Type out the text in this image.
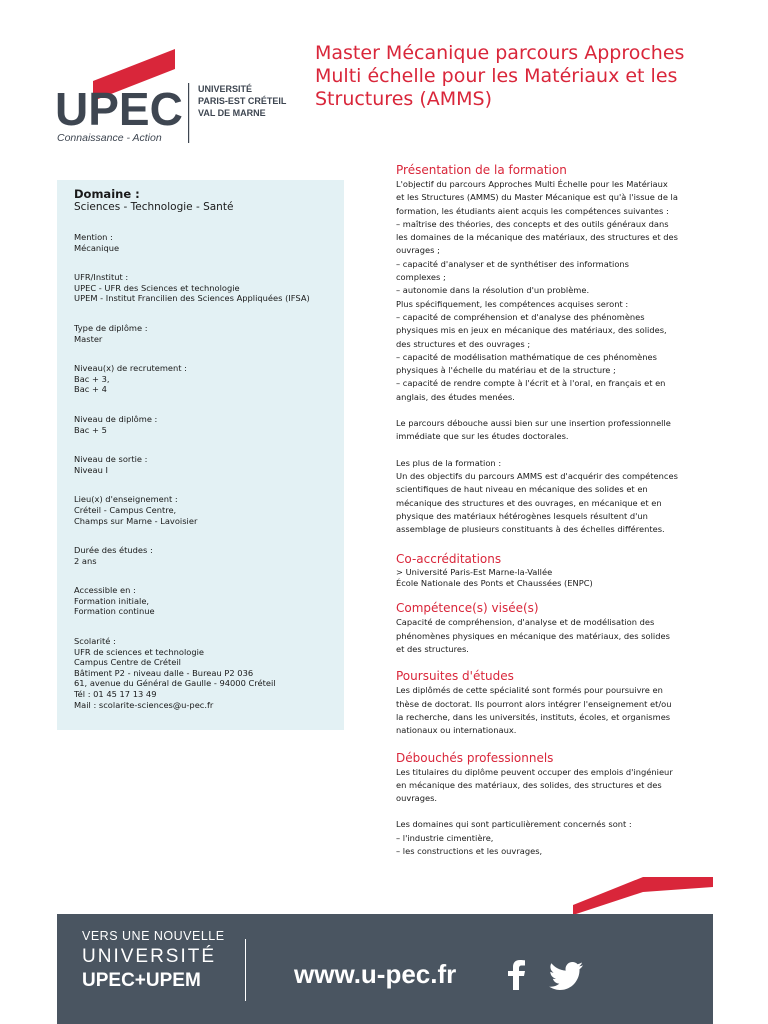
UPEC
Connaissance - Action
UNIVERSITÉ
PARIS-EST CRÉTEIL
VAL DE MARNE
Master Mécanique parcours Approches Multi échelle pour les Matériaux et les Structures (AMMS)
Domaine :
Sciences - Technologie - Santé
Mention :
Mécanique
UFR/Institut :
UPEC - UFR des Sciences et technologie
UPEM - Institut Francilien des Sciences Appliquées (IFSA)
Type de diplôme :
Master
Niveau(x) de recrutement :
Bac + 3,
Bac + 4
Niveau de diplôme :
Bac + 5
Niveau de sortie :
Niveau I
Lieu(x) d'enseignement :
Créteil - Campus Centre,
Champs sur Marne - Lavoisier
Durée des études :
2 ans
Accessible en :
Formation initiale,
Formation continue
Scolarité :
UFR de sciences et technologie
Campus Centre de Créteil
Bâtiment P2 - niveau dalle - Bureau P2 036
61, avenue du Général de Gaulle - 94000 Créteil
Tél : 01 45 17 13 49
Mail : scolarite-sciences@u-pec.fr
Présentation de la formation

L'objectif du parcours Approches Multi Échelle pour les Matériaux
et les Structures (AMMS) du Master Mécanique est qu'à l'issue de la
formation, les étudiants aient acquis les compétences suivantes :
– maîtrise des théories, des concepts et des outils généraux dans
les domaines de la mécanique des matériaux, des structures et des
ouvrages ;
– capacité d'analyser et de synthétiser des informations
complexes ;
– autonomie dans la résolution d'un problème.
Plus spécifiquement, les compétences acquises seront :
– capacité de compréhension et d'analyse des phénomènes
physiques mis en jeux en mécanique des matériaux, des solides,
des structures et des ouvrages ;
– capacité de modélisation mathématique de ces phénomènes
physiques à l'échelle du matériau et de la structure ;
– capacité de rendre compte à l'écrit et à l'oral, en français et en
anglais, des études menées.

Le parcours débouche aussi bien sur une insertion professionnelle
immédiate que sur les études doctorales.

Les plus de la formation :
Un des objectifs du parcours AMMS est d'acquérir des compétences
scientifiques de haut niveau en mécanique des solides et en
mécanique des structures et des ouvrages, en mécanique et en
physique des matériaux hétérogènes lesquels résultent d'un
assemblage de plusieurs constituants à des échelles différentes.

Co-accréditations

> Université Paris-Est Marne-la-Vallée
École Nationale des Ponts et Chaussées (ENPC)

Compétence(s) visée(s)

Capacité de compréhension, d'analyse et de modélisation des
phénomènes physiques en mécanique des matériaux, des solides
et des structures.

Poursuites d'études

Les diplômés de cette spécialité sont formés pour poursuivre en
thèse de doctorat. Ils pourront alors intégrer l'enseignement et/ou
la recherche, dans les universités, instituts, écoles, et organismes
nationaux ou internationaux.

Débouchés professionnels

Les titulaires du diplôme peuvent occuper des emplois d'ingénieur
en mécanique des matériaux, des solides, des structures et des
ouvrages.

Les domaines qui sont particulièrement concernés sont :
– l'industrie cimentière,
– les constructions et les ouvrages,

VERS UNE NOUVELLE
UNIVERSITÉ
UPEC+UPEM	www.u-pec.fr
